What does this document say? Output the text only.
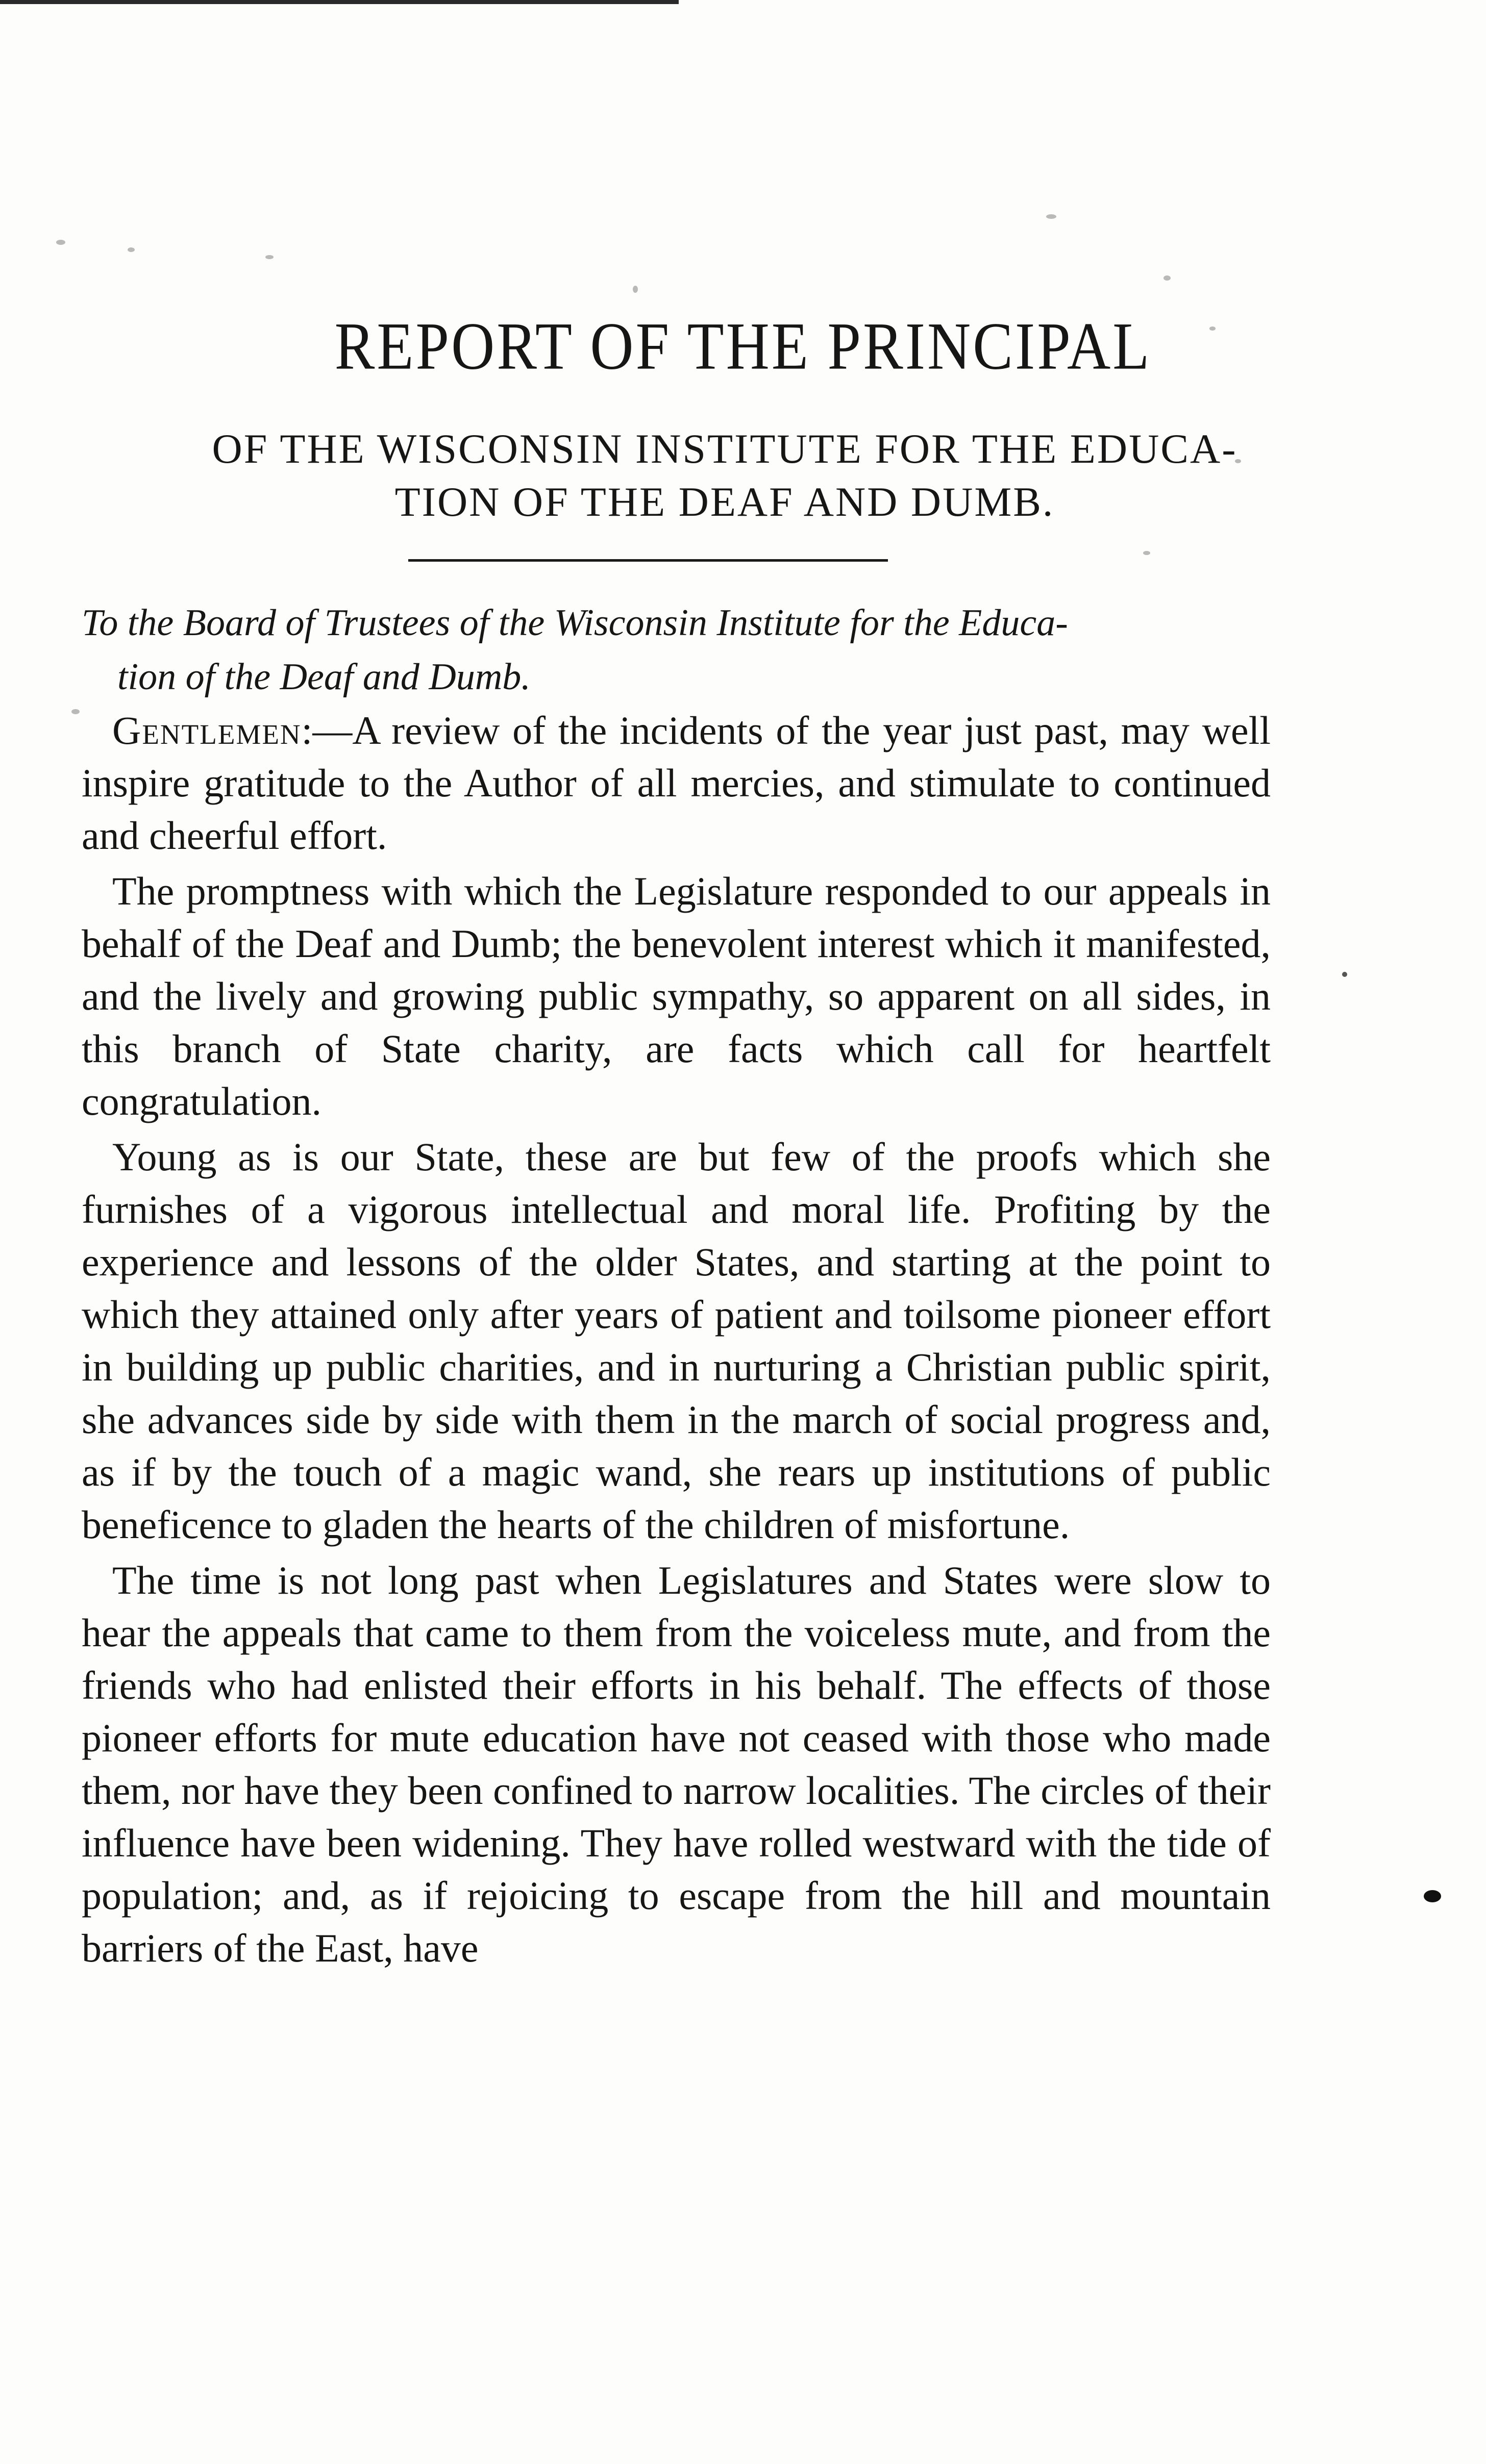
REPORT OF THE PRINCIPAL
OF THE WISCONSIN INSTITUTE FOR THE EDUCA-
TION OF THE DEAF AND DUMB.

To the Board of Trustees of the Wisconsin Institute for the Educa-
tion of the Deaf and Dumb.

Gentlemen:—A review of the incidents of the year just past, may well inspire gratitude to the Author of all mercies, and stimulate to continued and cheerful effort.

The promptness with which the Legislature responded to our appeals in behalf of the Deaf and Dumb; the benevolent interest which it manifested, and the lively and growing public sympathy, so apparent on all sides, in this branch of State charity, are facts which call for heartfelt congratulation.

Young as is our State, these are but few of the proofs which she furnishes of a vigorous intellectual and moral life. Profiting by the experience and lessons of the older States, and starting at the point to which they attained only after years of patient and toilsome pioneer effort in building up public charities, and in nurturing a Christian public spirit, she advances side by side with them in the march of social progress and, as if by the touch of a magic wand, she rears up institutions of public beneficence to gladen the hearts of the children of misfortune.

The time is not long past when Legislatures and States were slow to hear the appeals that came to them from the voiceless mute, and from the friends who had enlisted their efforts in his behalf. The effects of those pioneer efforts for mute education have not ceased with those who made them, nor have they been confined to narrow localities. The circles of their influence have been widening. They have rolled westward with the tide of population; and, as if rejoicing to escape from the hill and mountain barriers of the East, have
